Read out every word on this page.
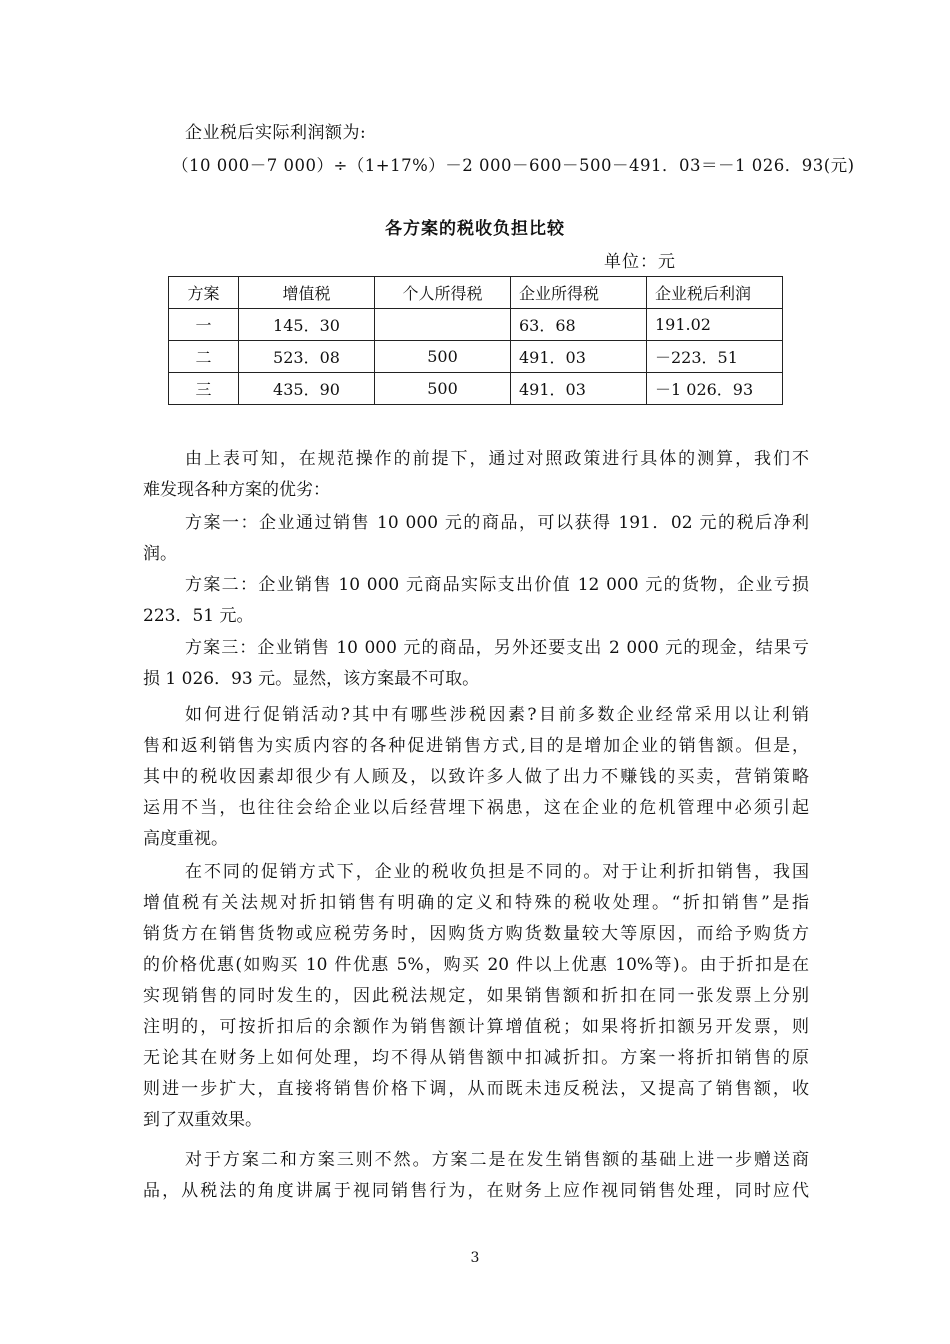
企业税后实际利润额为:
（10 000－7 000）÷（1+17%）－2 000－600－500－491．03＝－1 026．93(元)
各方案的税收负担比较
单位：元
方案	增值税	个人所得税	企业所得税	企业税后利润
一	145．30		63．68	191.02
二	523．08	500	491．03	－223．51
三	435．90	500	491．03	－1 026．93
由上表可知，在规范操作的前提下，通过对照政策进行具体的测算，我们不
难发现各种方案的优劣：
方案一：企业通过销售 10 000 元的商品，可以获得 191．02 元的税后净利
润。
方案二：企业销售 10 000 元商品实际支出价值 12 000 元的货物，企业亏损
223．51 元。
方案三：企业销售 10 000 元的商品，另外还要支出 2 000 元的现金，结果亏
损 1 026．93 元。显然，该方案最不可取。
如何进行促销活动?其中有哪些涉税因素?目前多数企业经常采用以让利销
售和返利销售为实质内容的各种促进销售方式,目的是增加企业的销售额。但是，
其中的税收因素却很少有人顾及，以致许多人做了出力不赚钱的买卖，营销策略
运用不当，也往往会给企业以后经营埋下祸患，这在企业的危机管理中必须引起
高度重视。
在不同的促销方式下，企业的税收负担是不同的。对于让利折扣销售，我国
增值税有关法规对折扣销售有明确的定义和特殊的税收处理。“折扣销售”是指
销货方在销售货物或应税劳务时，因购货方购货数量较大等原因，而给予购货方
的价格优惠(如购买 10 件优惠 5%，购买 20 件以上优惠 10%等)。由于折扣是在
实现销售的同时发生的，因此税法规定，如果销售额和折扣在同一张发票上分别
注明的，可按折扣后的余额作为销售额计算增值税；如果将折扣额另开发票，则
无论其在财务上如何处理，均不得从销售额中扣减折扣。方案一将折扣销售的原
则进一步扩大，直接将销售价格下调，从而既未违反税法，又提高了销售额，收
到了双重效果。
对于方案二和方案三则不然。方案二是在发生销售额的基础上进一步赠送商
品，从税法的角度讲属于视同销售行为，在财务上应作视同销售处理，同时应代
3
